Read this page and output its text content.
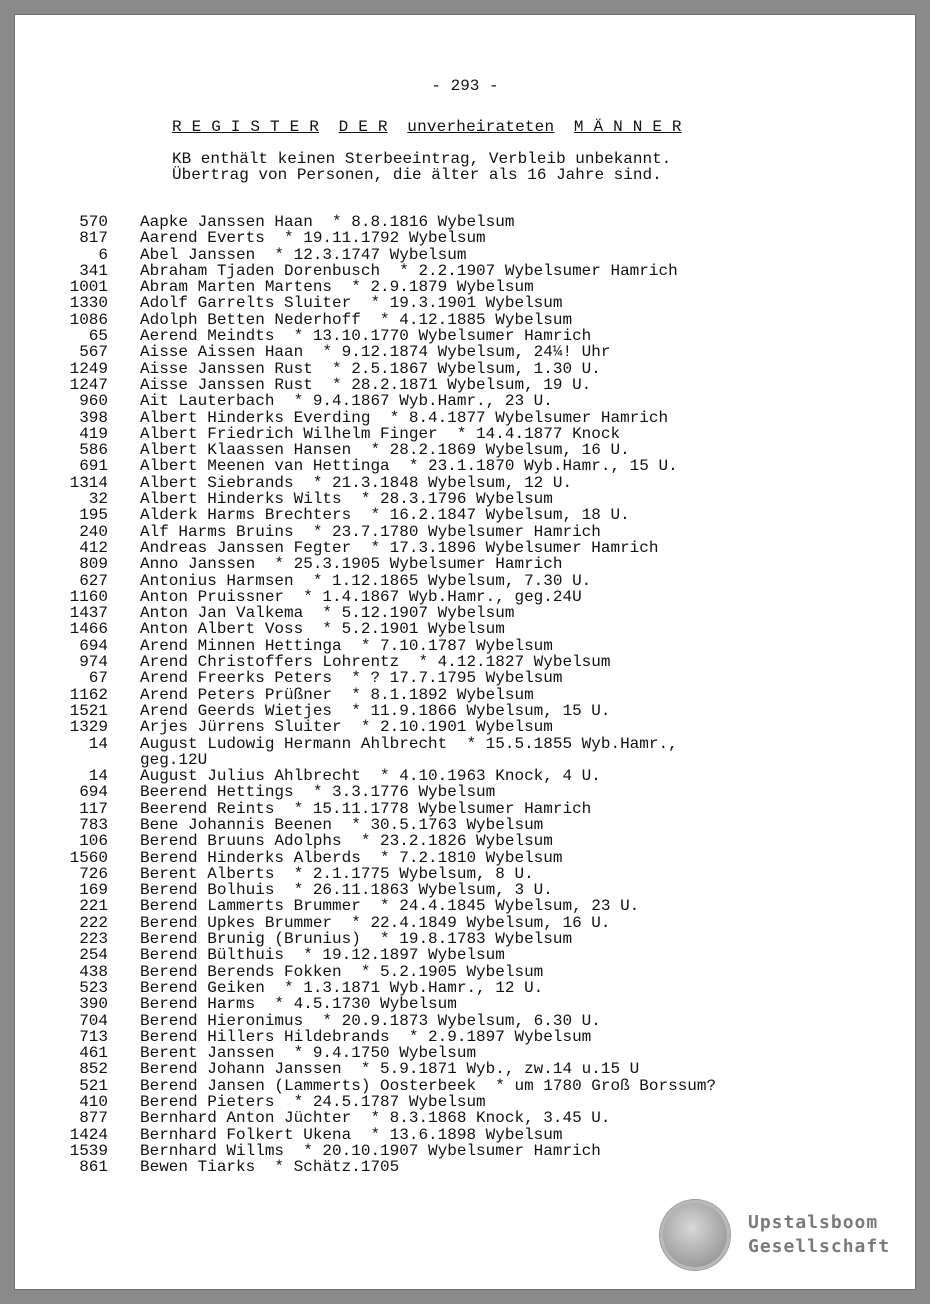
- 293 -
R E G I S T E R D E R unverheirateten M Ä N N E R
KB enthält keinen Sterbeeintrag, Verbleib unbekannt.
Übertrag von Personen, die älter als 16 Jahre sind.
570	Aapke Janssen Haan  * 8.8.1816 Wybelsum
817	Aarend Everts  * 19.11.1792 Wybelsum
6	Abel Janssen  * 12.3.1747 Wybelsum
341	Abraham Tjaden Dorenbusch  * 2.2.1907 Wybelsumer Hamrich
1001	Abram Marten Martens  * 2.9.1879 Wybelsum
1330	Adolf Garrelts Sluiter  * 19.3.1901 Wybelsum
1086	Adolph Betten Nederhoff  * 4.12.1885 Wybelsum
65	Aerend Meindts  * 13.10.1770 Wybelsumer Hamrich
567	Aisse Aissen Haan  * 9.12.1874 Wybelsum, 24¼! Uhr
1249	Aisse Janssen Rust  * 2.5.1867 Wybelsum, 1.30 U.
1247	Aisse Janssen Rust  * 28.2.1871 Wybelsum, 19 U.
960	Ait Lauterbach  * 9.4.1867 Wyb.Hamr., 23 U.
398	Albert Hinderks Everding  * 8.4.1877 Wybelsumer Hamrich
419	Albert Friedrich Wilhelm Finger  * 14.4.1877 Knock
586	Albert Klaassen Hansen  * 28.2.1869 Wybelsum, 16 U.
691	Albert Meenen van Hettinga  * 23.1.1870 Wyb.Hamr., 15 U.
1314	Albert Siebrands  * 21.3.1848 Wybelsum, 12 U.
32	Albert Hinderks Wilts  * 28.3.1796 Wybelsum
195	Alderk Harms Brechters  * 16.2.1847 Wybelsum, 18 U.
240	Alf Harms Bruins  * 23.7.1780 Wybelsumer Hamrich
412	Andreas Janssen Fegter  * 17.3.1896 Wybelsumer Hamrich
809	Anno Janssen  * 25.3.1905 Wybelsumer Hamrich
627	Antonius Harmsen  * 1.12.1865 Wybelsum, 7.30 U.
1160	Anton Pruissner  * 1.4.1867 Wyb.Hamr., geg.24U
1437	Anton Jan Valkema  * 5.12.1907 Wybelsum
1466	Anton Albert Voss  * 5.2.1901 Wybelsum
694	Arend Minnen Hettinga  * 7.10.1787 Wybelsum
974	Arend Christoffers Lohrentz  * 4.12.1827 Wybelsum
67	Arend Freerks Peters  * ? 17.7.1795 Wybelsum
1162	Arend Peters Prüßner  * 8.1.1892 Wybelsum
1521	Arend Geerds Wietjes  * 11.9.1866 Wybelsum, 15 U.
1329	Arjes Jürrens Sluiter  * 2.10.1901 Wybelsum
14	August Ludowig Hermann Ahlbrecht  * 15.5.1855 Wyb.Hamr.,
geg.12U
14	August Julius Ahlbrecht  * 4.10.1963 Knock, 4 U.
694	Beerend Hettings  * 3.3.1776 Wybelsum
117	Beerend Reints  * 15.11.1778 Wybelsumer Hamrich
783	Bene Johannis Beenen  * 30.5.1763 Wybelsum
106	Berend Bruuns Adolphs  * 23.2.1826 Wybelsum
1560	Berend Hinderks Alberds  * 7.2.1810 Wybelsum
726	Berent Alberts  * 2.1.1775 Wybelsum, 8 U.
169	Berend Bolhuis  * 26.11.1863 Wybelsum, 3 U.
221	Berend Lammerts Brummer  * 24.4.1845 Wybelsum, 23 U.
222	Berend Upkes Brummer  * 22.4.1849 Wybelsum, 16 U.
223	Berend Brunig (Brunius)  * 19.8.1783 Wybelsum
254	Berend Bülthuis  * 19.12.1897 Wybelsum
438	Berend Berends Fokken  * 5.2.1905 Wybelsum
523	Berend Geiken  * 1.3.1871 Wyb.Hamr., 12 U.
390	Berend Harms  * 4.5.1730 Wybelsum
704	Berend Hieronimus  * 20.9.1873 Wybelsum, 6.30 U.
713	Berend Hillers Hildebrands  * 2.9.1897 Wybelsum
461	Berent Janssen  * 9.4.1750 Wybelsum
852	Berend Johann Janssen  * 5.9.1871 Wyb., zw.14 u.15 U
521	Berend Jansen (Lammerts) Oosterbeek  * um 1780 Groß Borssum?
410	Berend Pieters  * 24.5.1787 Wybelsum
877	Bernhard Anton Jüchter  * 8.3.1868 Knock, 3.45 U.
1424	Bernhard Folkert Ukena  * 13.6.1898 Wybelsum
1539	Bernhard Willms  * 20.10.1907 Wybelsumer Hamrich
861	Bewen Tiarks  * Schätz.1705
Upstalsboom
Gesellschaft
